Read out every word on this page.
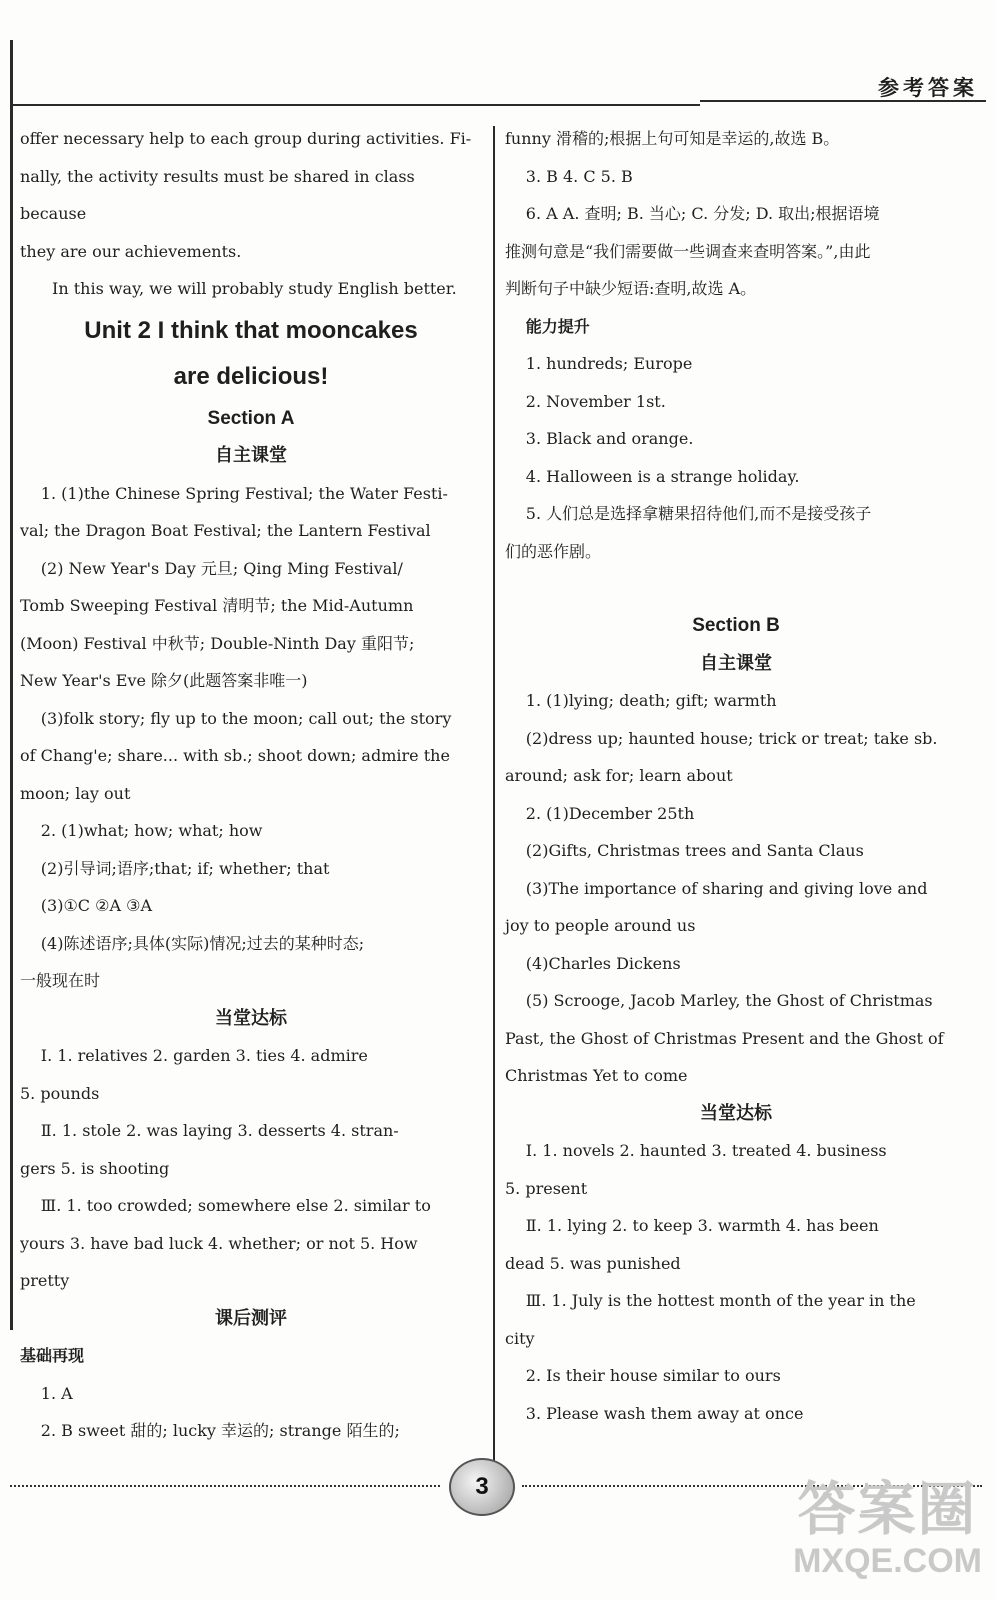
参考答案

offer necessary help to each group during activities. Fi-

nally, the activity results must be shared in class because

they are our achievements.

In this way, we will probably study English better.

Unit 2 I think that mooncakes

are delicious!

Section A

自主课堂

1. (1)the Chinese Spring Festival; the Water Festi-

val; the Dragon Boat Festival; the Lantern Festival

(2) New Year's Day 元旦; Qing Ming Festival/

Tomb Sweeping Festival 清明节; the Mid-Autumn

(Moon) Festival 中秋节; Double-Ninth Day 重阳节;

New Year's Eve 除夕(此题答案非唯一)

(3)folk story; fly up to the moon; call out; the story

of Chang'e; share... with sb.; shoot down; admire the

moon; lay out

2. (1)what; how; what; how

(2)引导词;语序;that; if; whether; that

(3)①C ②A ③A

(4)陈述语序;具体(实际)情况;过去的某种时态;

一般现在时

当堂达标

Ⅰ. 1. relatives 2. garden 3. ties 4. admire

5. pounds

Ⅱ. 1. stole 2. was laying 3. desserts 4. stran-

gers 5. is shooting

Ⅲ. 1. too crowded; somewhere else 2. similar to

yours 3. have bad luck 4. whether; or not 5. How

pretty

课后测评

基础再现

1. A

2. B sweet 甜的; lucky 幸运的; strange 陌生的;

funny 滑稽的;根据上句可知是幸运的,故选 B。

3. B 4. C 5. B

6. A A. 查明; B. 当心; C. 分发; D. 取出;根据语境

推测句意是“我们需要做一些调查来查明答案。”,由此

判断句子中缺少短语:查明,故选 A。

能力提升

1. hundreds; Europe

2. November 1st.

3. Black and orange.

4. Halloween is a strange holiday.

5. 人们总是选择拿糖果招待他们,而不是接受孩子

们的恶作剧。

Section B

自主课堂

1. (1)lying; death; gift; warmth

(2)dress up; haunted house; trick or treat; take sb.

around; ask for; learn about

2. (1)December 25th

(2)Gifts, Christmas trees and Santa Claus

(3)The importance of sharing and giving love and

joy to people around us

(4)Charles Dickens

(5) Scrooge, Jacob Marley, the Ghost of Christmas

Past, the Ghost of Christmas Present and the Ghost of

Christmas Yet to come

当堂达标

Ⅰ. 1. novels 2. haunted 3. treated 4. business

5. present

Ⅱ. 1. lying 2. to keep 3. warmth 4. has been

dead 5. was punished

Ⅲ. 1. July is the hottest month of the year in the

city

2. Is their house similar to ours

3. Please wash them away at once

3	答案圈
MXQE.COM
